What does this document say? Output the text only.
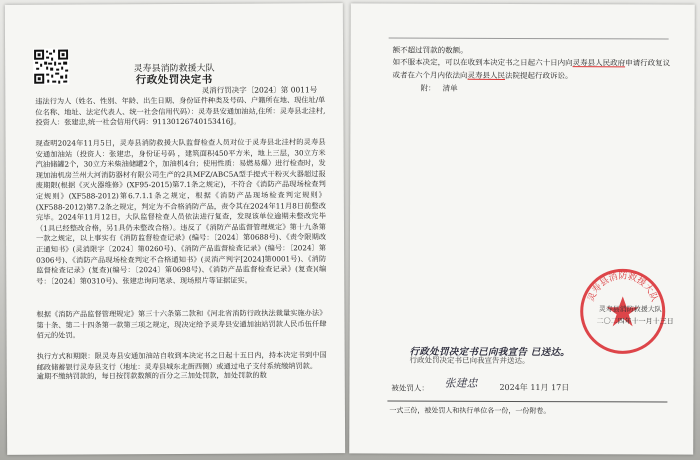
灵寿县消防救援大队
行政处罚决定书
灵消行罚决字〔2024〕第 0011号
违法行为人（姓名、性别、年龄、出生日期、身份证件种类及号码、户籍所在地、现住址/单位名称、地址、法定代表人、统一社会信用代码）：灵寿县安通加油站,住所：灵寿县北洼村,投资人：张建忠,统一社会信用代码：91130126740153416J。
现查明2024年11月5日，灵寿县消防救援大队监督检查人员对位于灵寿县北洼村的灵寿县安通加油站（投资人：张建忠，身份证号码 ，建筑面积450平方米，地上三层，30立方米汽油储罐2个，30立方米柴油储罐2个，加油机4台；使用性质：易燃易爆）进行检查时，发现加油机房兰州大河消防器材有限公司生产的2具MFZ/ABC5A型手提式干粉灭火器超过报废期限(根据《灭火器维修》(XF95-2015)第7.1条之规定)，不符合《消防产品现场检查判定规则》(XF588-2012)第6.7.1.1条之规定，根据《消防产品现场检查判定规则》(XF588-2012)第7.2条之规定，判定为不合格消防产品，责令其在2024年11月8日前整改完毕。2024年11月12日，大队监督检查人员依法进行复查，发现该单位逾期未整改完毕（1具已经整改合格，另1具仍未整改合格）。违反了《消防产品监督管理规定》第十九条第一款之规定，以上事实有《消防监督检查记录》(编号：〔2024〕第0688号)、《责令限期改正通知书》(灵消限字〔2024〕第0260号)、《消防产品监督检查记录》(编号：〔2024〕第0306号)、《消防产品现场检查判定不合格通知书》(灵消产判字[2024]第0001号)、《消防监督检查记录》(复查)(编号：〔2024〕第0698号)、《消防产品监督检查记录》(复查)(编号：〔2024〕第0310号)、张建忠询问笔录、现场照片等证据证实。
根据《消防产品监督管理规定》第三十六条第二款和《河北省消防行政执法裁量实施办法》第十条、第二十四条第一款第三项之规定，现决定给予灵寿县安通加油站罚款人民币伍仟肆佰元的处罚。
执行方式和期限：限灵寿县安通加油站自收到本决定书之日起十五日内，持本决定书到中国邮政储蓄银行灵寿县支行（地址：灵寿县城东北街西侧）或通过电子支付系统缴纳罚款。
逾期不缴纳罚款的，每日按罚款数额的百分之三加处罚款，加处罚款的数
额不超过罚款的数额。
如不服本决定，可以在收到本决定书之日起六十日内向灵寿县人民政府申请行政复议或者在六个月内依法向灵寿县人民法院提起行政诉讼。
附： 清单
灵寿县消防救援大队
灵寿县消防救援大队
二〇二四年十一月十三日
行政处罚决定书已向我宣告 已送达。
行政处罚决定书已向我宣告并送达。
被处罚人： 张建忠	2024年 11月 17日
一式三份，被处罚人和执行单位各一份，一份附卷。
